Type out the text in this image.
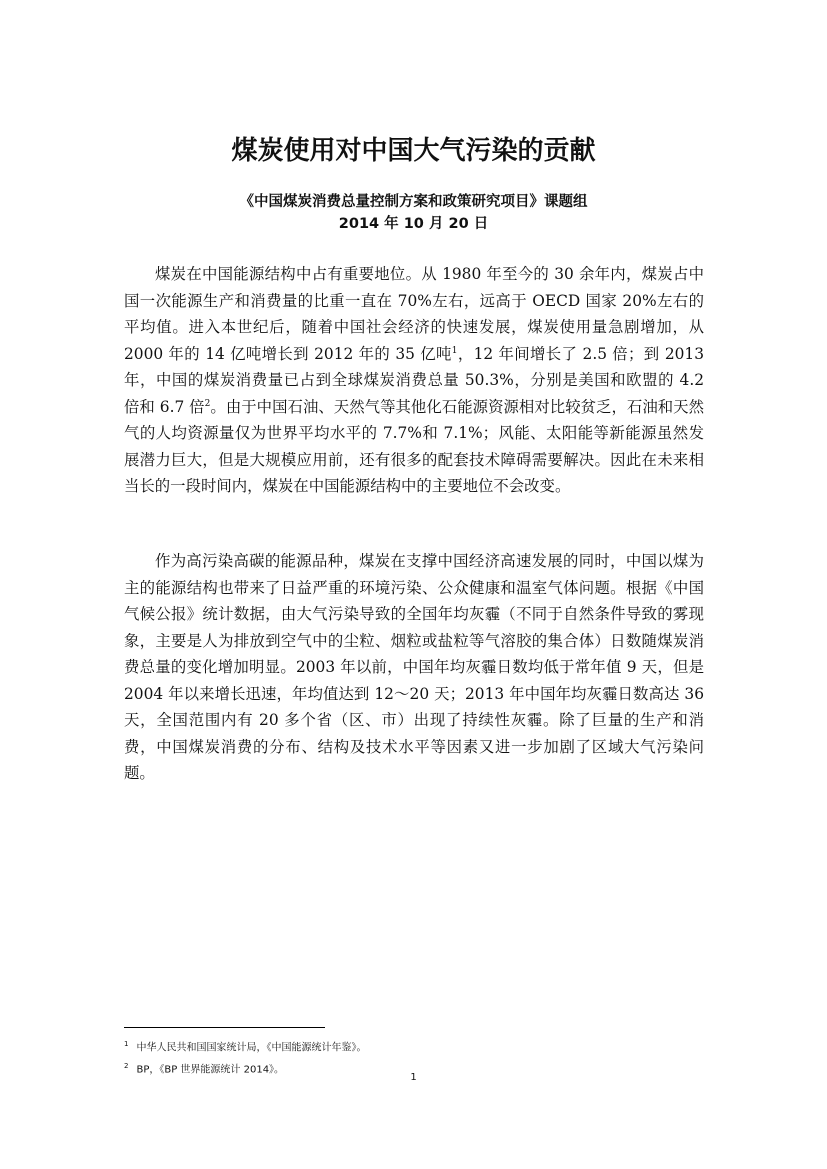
煤炭使用对中国大气污染的贡献
《中国煤炭消费总量控制方案和政策研究项目》课题组
2014 年 10 月 20 日

煤炭在中国能源结构中占有重要地位。从 1980 年至今的 30 余年内，煤炭占中国一次能源生产和消费量的比重一直在 70%左右，远高于 OECD 国家 20%左右的平均值。进入本世纪后，随着中国社会经济的快速发展，煤炭使用量急剧增加，从 2000 年的 14 亿吨增长到 2012 年的 35 亿吨$^1$，12 年间增长了 2.5 倍；到 2013 年，中国的煤炭消费量已占到全球煤炭消费总量 50.3%，分别是美国和欧盟的 4.2 倍和 6.7 倍$^2$。由于中国石油、天然气等其他化石能源资源相对比较贫乏，石油和天然气的人均资源量仅为世界平均水平的 7.7%和 7.1%；风能、太阳能等新能源虽然发展潜力巨大，但是大规模应用前，还有很多的配套技术障碍需要解决。因此在未来相当长的一段时间内，煤炭在中国能源结构中的主要地位不会改变。

作为高污染高碳的能源品种，煤炭在支撑中国经济高速发展的同时，中国以煤为主的能源结构也带来了日益严重的环境污染、公众健康和温室气体问题。根据《中国气候公报》统计数据，由大气污染导致的全国年均灰霾（不同于自然条件导致的雾现象，主要是人为排放到空气中的尘粒、烟粒或盐粒等气溶胶的集合体）日数随煤炭消费总量的变化增加明显。2003 年以前，中国年均灰霾日数均低于常年值 9 天，但是 2004 年以来增长迅速，年均值达到 12～20 天；2013 年中国年均灰霾日数高达 36 天，全国范围内有 20 多个省（区、市）出现了持续性灰霾。除了巨量的生产和消费，中国煤炭消费的分布、结构及技术水平等因素又进一步加剧了区域大气污染问题。

$^1$ 中华人民共和国国家统计局，《中国能源统计年鉴》。
$^2$ BP，《BP 世界能源统计 2014》。
1
